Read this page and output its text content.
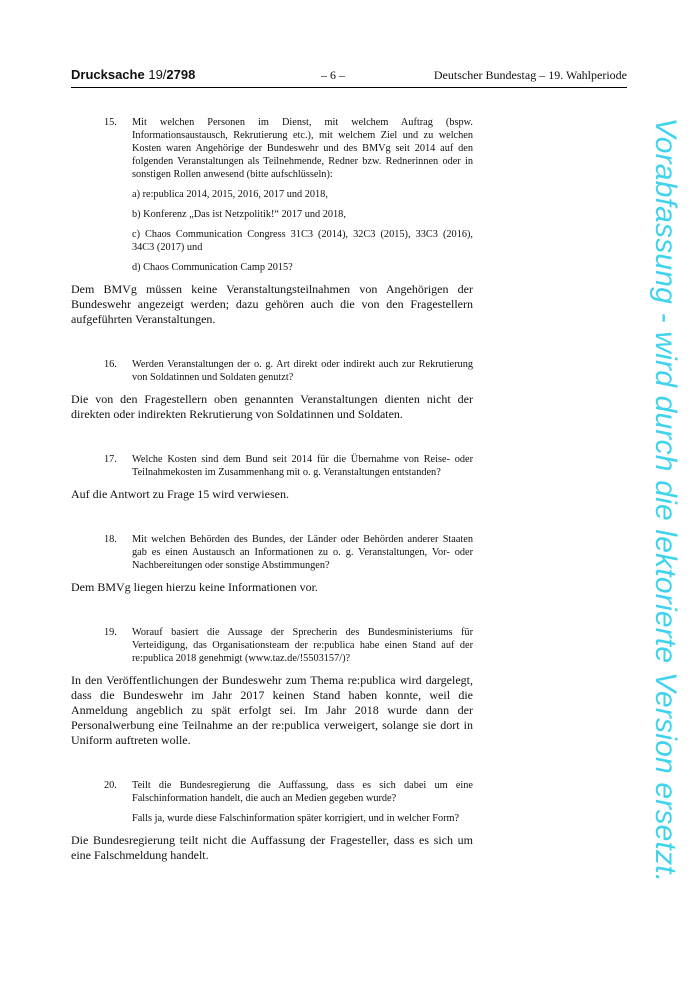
Drucksache 19/2798	– 6 –	Deutscher Bundestag – 19. Wahlperiode
15. Mit welchen Personen im Dienst, mit welchem Auftrag (bspw. Informationsaustausch, Rekrutierung etc.), mit welchem Ziel und zu welchen Kosten waren Angehörige der Bundeswehr und des BMVg seit 2014 auf den folgenden Veranstaltungen als Teilnehmende, Redner bzw. Rednerinnen oder in sonstigen Rollen anwesend (bitte aufschlüsseln):
a) re:publica 2014, 2015, 2016, 2017 und 2018,
b) Konferenz „Das ist Netzpolitik!“ 2017 und 2018,
c) Chaos Communication Congress 31C3 (2014), 32C3 (2015), 33C3 (2016), 34C3 (2017) und
d) Chaos Communication Camp 2015?
Dem BMVg müssen keine Veranstaltungsteilnahmen von Angehörigen der Bundeswehr angezeigt werden; dazu gehören auch die von den Fragestellern aufgeführten Veranstaltungen.
16. Werden Veranstaltungen der o. g. Art direkt oder indirekt auch zur Rekrutierung von Soldatinnen und Soldaten genutzt?
Die von den Fragestellern oben genannten Veranstaltungen dienten nicht der direkten oder indirekten Rekrutierung von Soldatinnen und Soldaten.
17. Welche Kosten sind dem Bund seit 2014 für die Übernahme von Reise- oder Teilnahmekosten im Zusammenhang mit o. g. Veranstaltungen entstanden?
Auf die Antwort zu Frage 15 wird verwiesen.
18. Mit welchen Behörden des Bundes, der Länder oder Behörden anderer Staaten gab es einen Austausch an Informationen zu o. g. Veranstaltungen, Vor- oder Nachbereitungen oder sonstige Abstimmungen?
Dem BMVg liegen hierzu keine Informationen vor.
19. Worauf basiert die Aussage der Sprecherin des Bundesministeriums für Verteidigung, das Organisationsteam der re:publica habe einen Stand auf der re:publica 2018 genehmigt (www.taz.de/!5503157/)?
In den Veröffentlichungen der Bundeswehr zum Thema re:publica wird dargelegt, dass die Bundeswehr im Jahr 2017 keinen Stand haben konnte, weil die Anmeldung angeblich zu spät erfolgt sei. Im Jahr 2018 wurde dann der Personalwerbung eine Teilnahme an der re:publica verweigert, solange sie dort in Uniform auftreten wolle.
20. Teilt die Bundesregierung die Auffassung, dass es sich dabei um eine Falschinformation handelt, die auch an Medien gegeben wurde?
Falls ja, wurde diese Falschinformation später korrigiert, und in welcher Form?
Die Bundesregierung teilt nicht die Auffassung der Fragesteller, dass es sich um eine Falschmeldung handelt.	Vorabfassung - wird durch die lektorierte Version ersetzt.
